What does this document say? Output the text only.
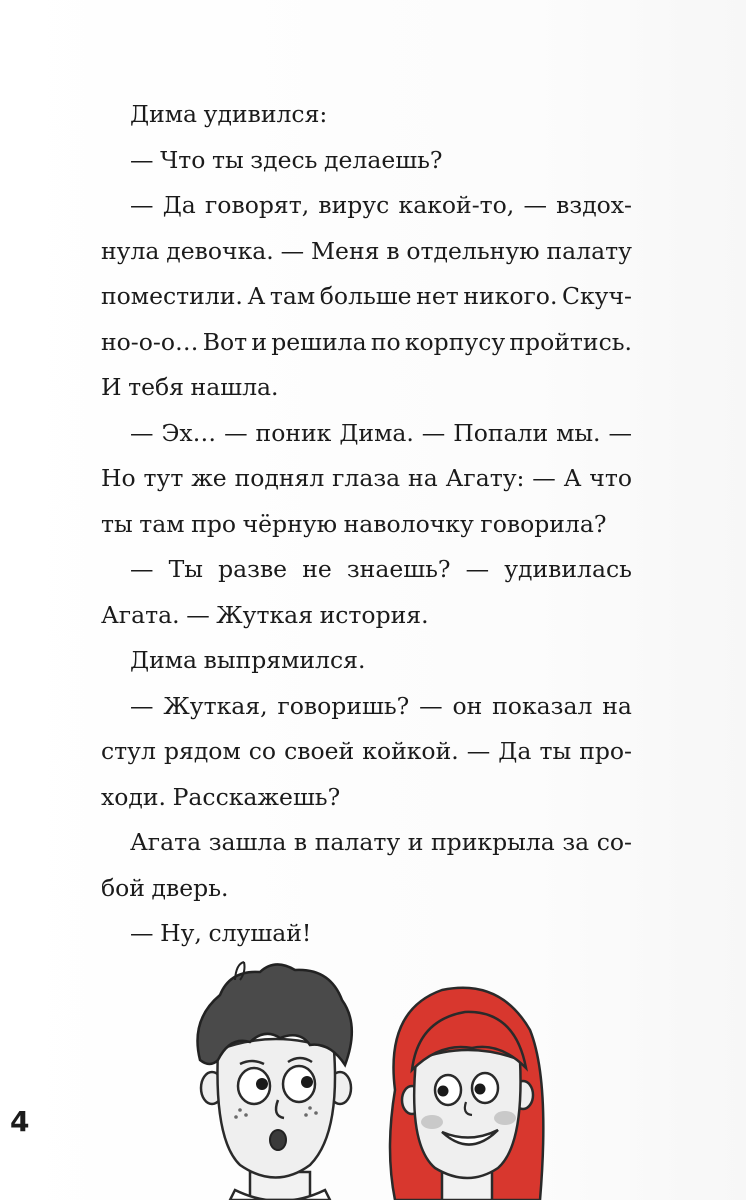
Дима удивился:
— Что ты здесь делаешь?
— Да говорят, вирус какой-то, — вздох-
нула девочка. — Меня в отдельную палату
поместили. А там больше нет никого. Скуч-
но-о-о… Вот и решила по корпусу пройтись.
И тебя нашла.
— Эх… — поник Дима. — Попали мы. —
Но тут же поднял глаза на Агату: — А что
ты там про чёрную наволочку говорила?
— Ты разве не знаешь? — удивилась
Агата. — Жуткая история.
Дима выпрямился.
— Жуткая, говоришь? — он показал на
стул рядом со своей койкой. — Да ты про-
ходи. Расскажешь?
Агата зашла в палату и прикрыла за со-
бой дверь.
— Ну, слушай!
4
